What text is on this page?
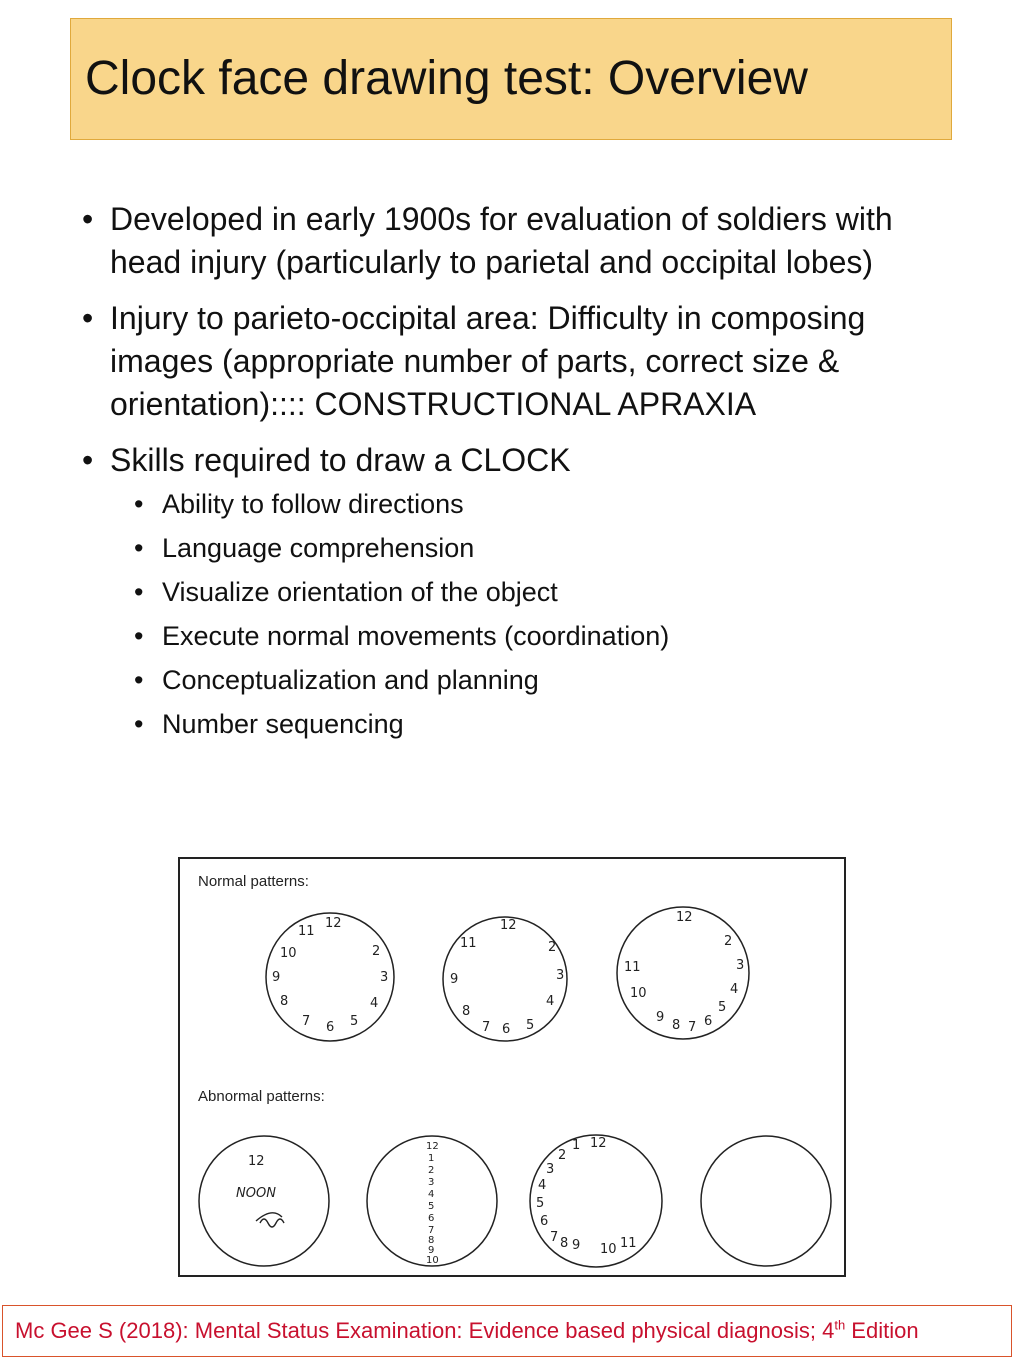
Clock face drawing test: Overview
• Developed in early 1900s for evaluation of soldiers with head injury (particularly to parietal and occipital lobes)
• Injury to parieto-occipital area: Difficulty in composing images (appropriate number of parts, correct size & orientation):::: CONSTRUCTIONAL APRAXIA
• Skills required to draw a CLOCK
• Ability to follow directions
• Language comprehension
• Visualize orientation of the object
• Execute normal movements (coordination)
• Conceptualization and planning
• Number sequencing
Normal patterns:
Abnormal patterns:
12
11
10
9
8
7 6 5
4
3
2
12
11
9
8
7 6 5
4
3
2
12
2
3
4
5
6
7
8
9
10
11
12
NOON
12
1
2
3
4
5
6
7
8
9
10
12
1
2
3
4
5
6
7 8 9 10 11
Mc Gee S (2018): Mental Status Examination: Evidence based physical diagnosis; 4th Edition
